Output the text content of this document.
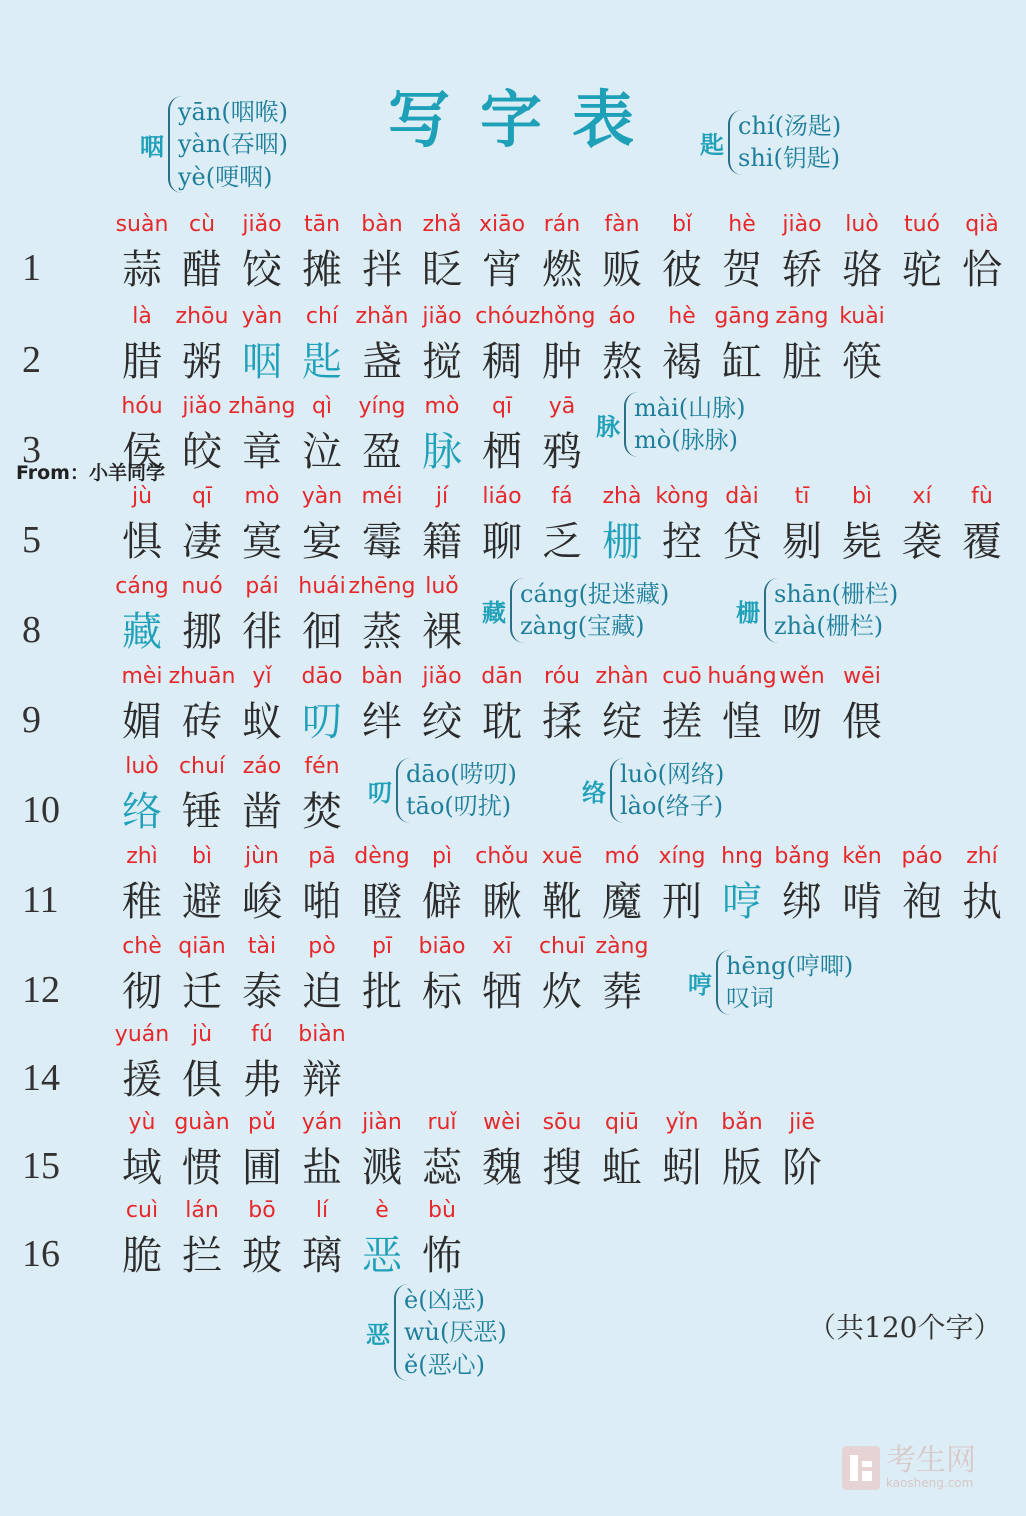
写字表
1
suàn
蒜
cù
醋
jiǎo
饺
tān
摊
bàn
拌
zhǎ
眨
xiāo
宵
rán
燃
fàn
贩
bǐ
彼
hè
贺
jiào
轿
luò
骆
tuó
驼
qià
恰
2
là
腊
zhōu
粥
yàn
咽
chí
匙
zhǎn
盏
jiǎo
搅
chóu
稠
zhǒng
肿
áo
熬
hè
褐
gāng
缸
zāng
脏
kuài
筷
3
hóu
侯
jiǎo
皎
zhāng
章
qì
泣
yíng
盈
mò
脉
qī
栖
yā
鸦
5
jù
惧
qī
凄
mò
寞
yàn
宴
méi
霉
jí
籍
liáo
聊
fá
乏
zhà
栅
kòng
控
dài
贷
tī
剔
bì
毙
xí
袭
fù
覆
8
cáng
藏
nuó
挪
pái
徘
huái
徊
zhēng
蒸
luǒ
裸
9
mèi
媚
zhuān
砖
yǐ
蚁
dāo
叨
bàn
绊
jiǎo
绞
dān
耽
róu
揉
zhàn
绽
cuō
搓
huáng
惶
wěn
吻
wēi
偎
10
luò
络
chuí
锤
záo
凿
fén
焚
11
zhì
稚
bì
避
jùn
峻
pā
啪
dèng
瞪
pì
僻
chǒu
瞅
xuē
靴
mó
魔
xíng
刑
hng
哼
bǎng
绑
kěn
啃
páo
袍
zhí
执
12
chè
彻
qiān
迁
tài
泰
pò
迫
pī
批
biāo
标
xī
牺
chuī
炊
zàng
葬
14
yuán
援
jù
俱
fú
弗
biàn
辩
15
yù
域
guàn
惯
pǔ
圃
yán
盐
jiàn
溅
ruǐ
蕊
wèi
魏
sōu
搜
qiū
蚯
yǐn
蚓
bǎn
版
jiē
阶
16
cuì
脆
lán
拦
bō
玻
lí
璃
è
恶
bù
怖
From：小羊同学
咽
yān(咽喉)
yàn(吞咽)
yè(哽咽)
匙
chí(汤匙)
shi(钥匙)
脉
mài(山脉)
mò(脉脉)
藏
cáng(捉迷藏)
zàng(宝藏)	栅
shān(栅栏)
zhà(栅栏)
叨
dāo(唠叨)
tāo(叨扰)	络
luò(网络)
lào(络子)
哼
hēng(哼唧)
叹词
恶
è(凶恶)
wù(厌恶)
ě(恶心)
（共120个字）
考生网
kaosheng.com
